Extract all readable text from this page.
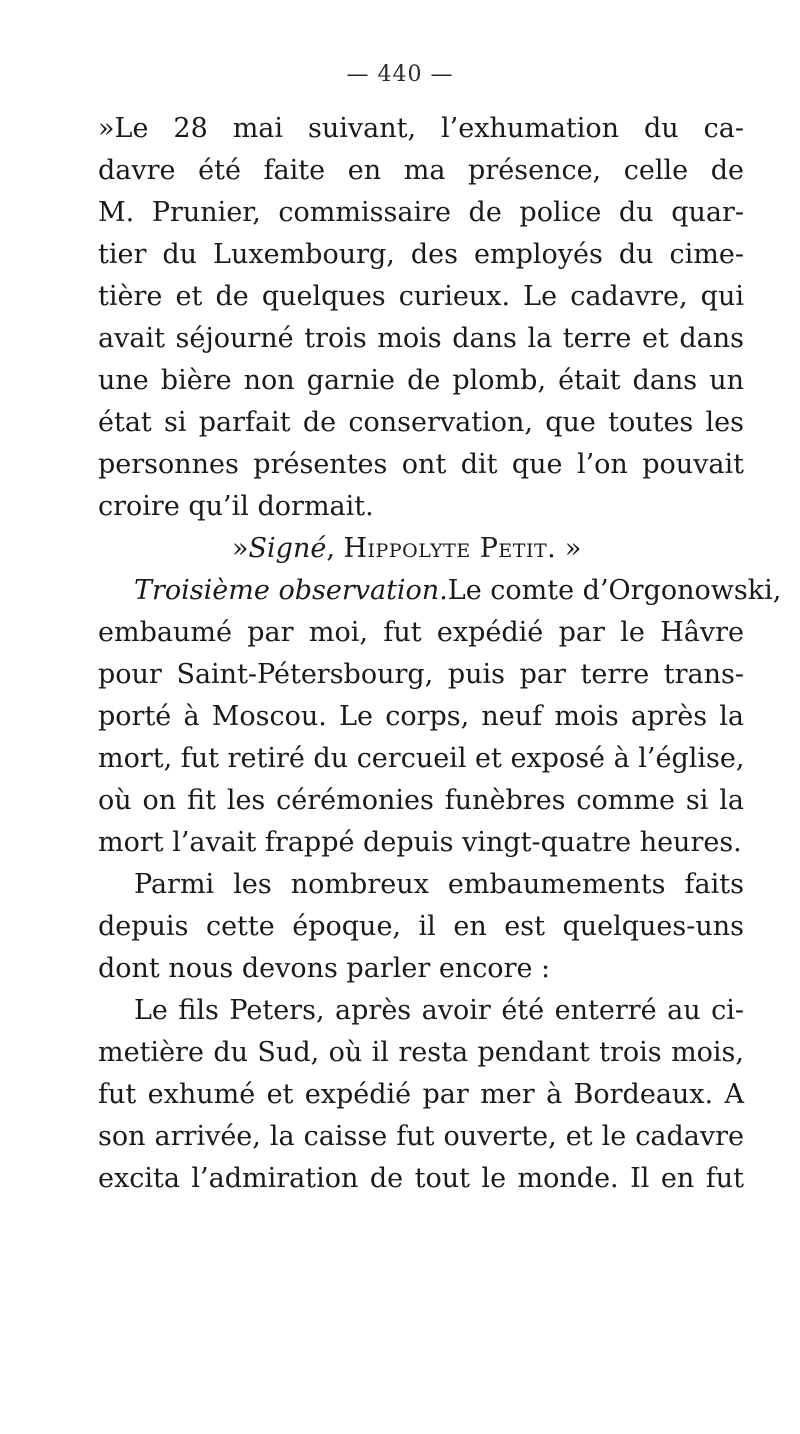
— 440 —
»Le 28 mai suivant, l’exhumation du ca-
davre été faite en ma présence, celle de
M. Prunier, commissaire de police du quar-
tier du Luxembourg, des employés du cime-
tière et de quelques curieux. Le cadavre, qui
avait séjourné trois mois dans la terre et dans
une bière non garnie de plomb, était dans un
état si parfait de conservation, que toutes les
personnes présentes ont dit que l’on pouvait
croire qu’il dormait.
»Signé, Hippolyte Petit. »
Troisième observation.Le comte d’Orgonowski,
embaumé par moi, fut expédié par le Hâvre
pour Saint-Pétersbourg, puis par terre trans-
porté à Moscou. Le corps, neuf mois après la
mort, fut retiré du cercueil et exposé à l’église,
où on fit les cérémonies funèbres comme si la
mort l’avait frappé depuis vingt-quatre heures.
Parmi les nombreux embaumements faits
depuis cette époque, il en est quelques-uns
dont nous devons parler encore :
Le fils Peters, après avoir été enterré au ci-
metière du Sud, où il resta pendant trois mois,
fut exhumé et expédié par mer à Bordeaux. A
son arrivée, la caisse fut ouverte, et le cadavre
excita l’admiration de tout le monde. Il en fut
